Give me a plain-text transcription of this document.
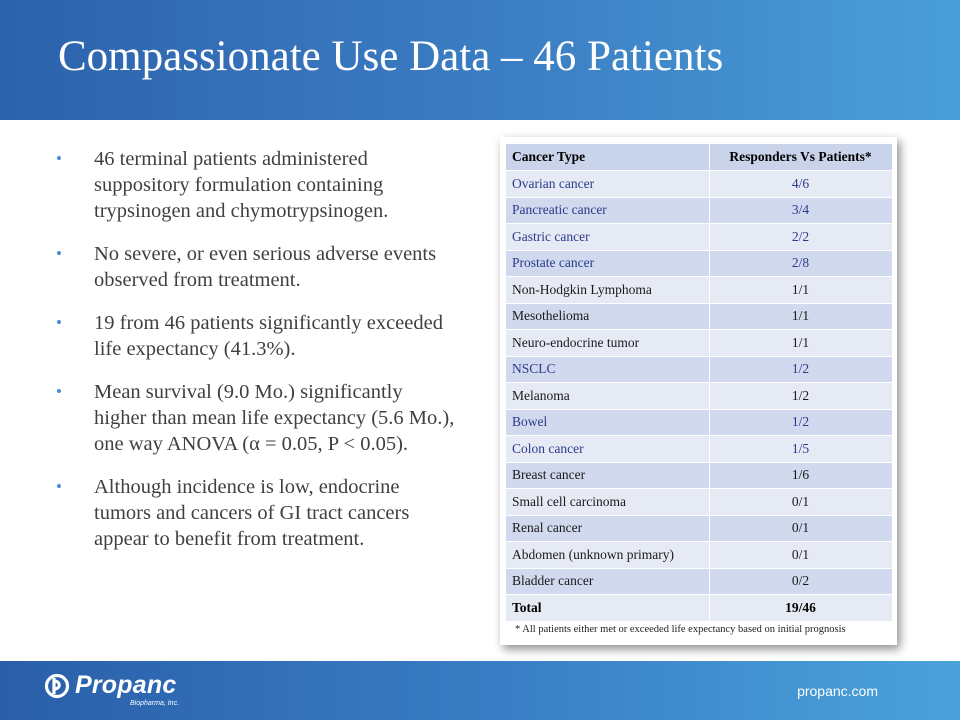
Compassionate Use Data – 46 Patients
• 46 terminal patients administered suppository formulation containing trypsinogen and chymotrypsinogen.
• No severe, or even serious adverse events observed from treatment.
• 19 from 46 patients significantly exceeded life expectancy (41.3%).
• Mean survival (9.0 Mo.) significantly higher than mean life expectancy (5.6 Mo.), one way ANOVA (α = 0.05, P < 0.05).
• Although incidence is low, endocrine tumors and cancers of GI tract cancers appear to benefit from treatment.
Cancer Type	Responders Vs Patients*
Ovarian cancer	4/6
Pancreatic cancer	3/4
Gastric cancer	2/2
Prostate cancer	2/8
Non-Hodgkin Lymphoma	1/1
Mesothelioma	1/1
Neuro-endocrine tumor	1/1
NSCLC	1/2
Melanoma	1/2
Bowel	1/2
Colon cancer	1/5
Breast cancer	1/6
Small cell carcinoma	0/1
Renal cancer	0/1
Abdomen (unknown primary)	0/1
Bladder cancer	0/2
Total	19/46
* All patients either met or exceeded life expectancy based on initial prognosis
Propanc
Biopharma, Inc.
propanc.com
